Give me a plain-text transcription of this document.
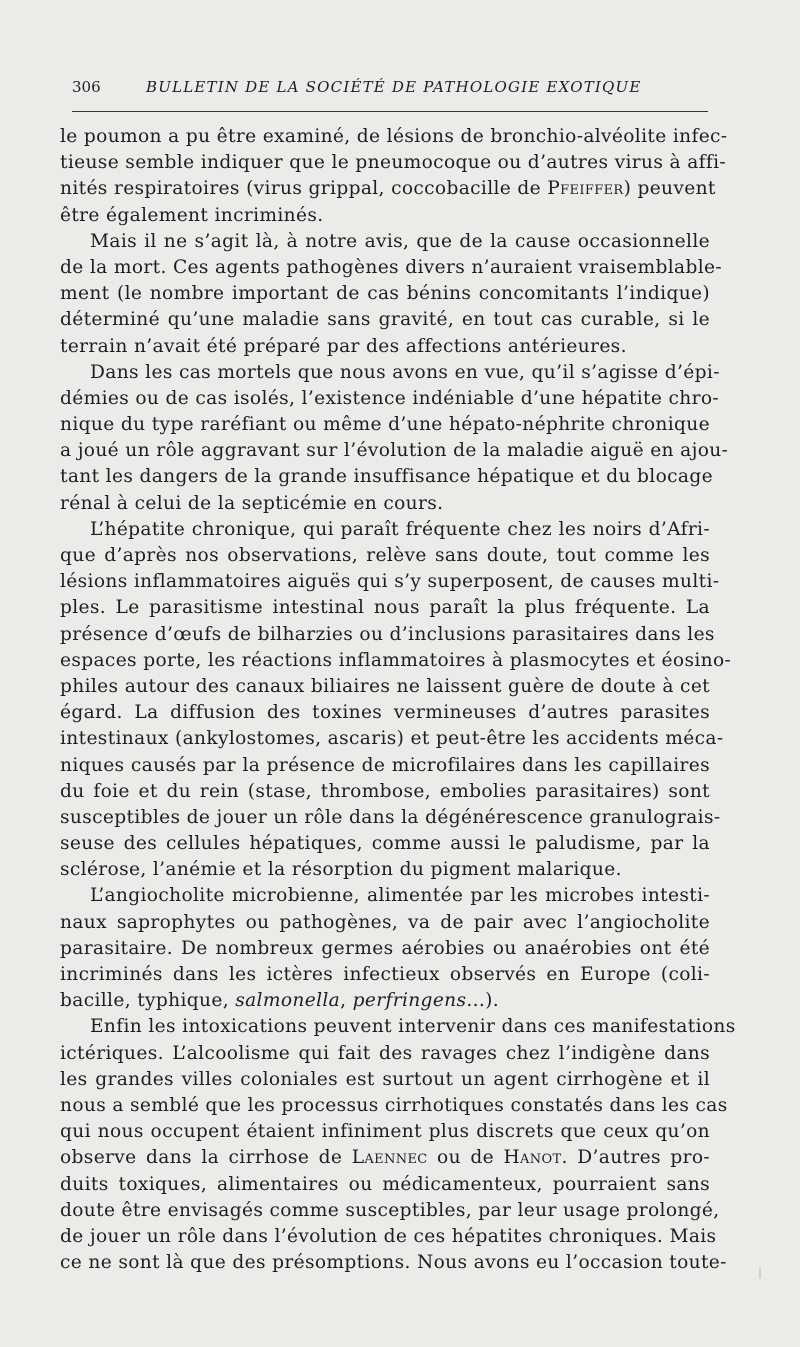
306	BULLETIN DE LA SOCIÉTÉ DE PATHOLOGIE EXOTIQUE
le poumon a pu être examiné, de lésions de bronchio-alvéolite infec-
tieuse semble indiquer que le pneumocoque ou d’autres virus à affi-
nités respiratoires (virus grippal, coccobacille de Pfeiffer) peuvent
être également incriminés.
Mais il ne s’agit là, à notre avis, que de la cause occasionnelle
de la mort. Ces agents pathogènes divers n’auraient vraisemblable-
ment (le nombre important de cas bénins concomitants l’indique)
déterminé qu’une maladie sans gravité, en tout cas curable, si le
terrain n’avait été préparé par des affections antérieures.
Dans les cas mortels que nous avons en vue, qu’il s’agisse d’épi-
démies ou de cas isolés, l’existence indéniable d’une hépatite chro-
nique du type raréfiant ou même d’une hépato-néphrite chronique
a joué un rôle aggravant sur l’évolution de la maladie aiguë en ajou-
tant les dangers de la grande insuffisance hépatique et du blocage
rénal à celui de la septicémie en cours.
L’hépatite chronique, qui paraît fréquente chez les noirs d’Afri-
que d’après nos observations, relève sans doute, tout comme les
lésions inflammatoires aiguës qui s’y superposent, de causes multi-
ples. Le parasitisme intestinal nous paraît la plus fréquente. La
présence d’œufs de bilharzies ou d’inclusions parasitaires dans les
espaces porte, les réactions inflammatoires à plasmocytes et éosino-
philes autour des canaux biliaires ne laissent guère de doute à cet
égard. La diffusion des toxines vermineuses d’autres parasites
intestinaux (ankylostomes, ascaris) et peut-être les accidents méca-
niques causés par la présence de microfilaires dans les capillaires
du foie et du rein (stase, thrombose, embolies parasitaires) sont
susceptibles de jouer un rôle dans la dégénérescence granulograis-
seuse des cellules hépatiques, comme aussi le paludisme, par la
sclérose, l’anémie et la résorption du pigment malarique.
L’angiocholite microbienne, alimentée par les microbes intesti-
naux saprophytes ou pathogènes, va de pair avec l’angiocholite
parasitaire. De nombreux germes aérobies ou anaérobies ont été
incriminés dans les ictères infectieux observés en Europe (coli-
bacille, typhique, salmonella, perfringens...).
Enfin les intoxications peuvent intervenir dans ces manifestations
ictériques. L’alcoolisme qui fait des ravages chez l’indigène dans
les grandes villes coloniales est surtout un agent cirrhogène et il
nous a semblé que les processus cirrhotiques constatés dans les cas
qui nous occupent étaient infiniment plus discrets que ceux qu’on
observe dans la cirrhose de Laennec ou de Hanot. D’autres pro-
duits toxiques, alimentaires ou médicamenteux, pourraient sans
doute être envisagés comme susceptibles, par leur usage prolongé,
de jouer un rôle dans l’évolution de ces hépatites chroniques. Mais
ce ne sont là que des présomptions. Nous avons eu l’occasion toute-
